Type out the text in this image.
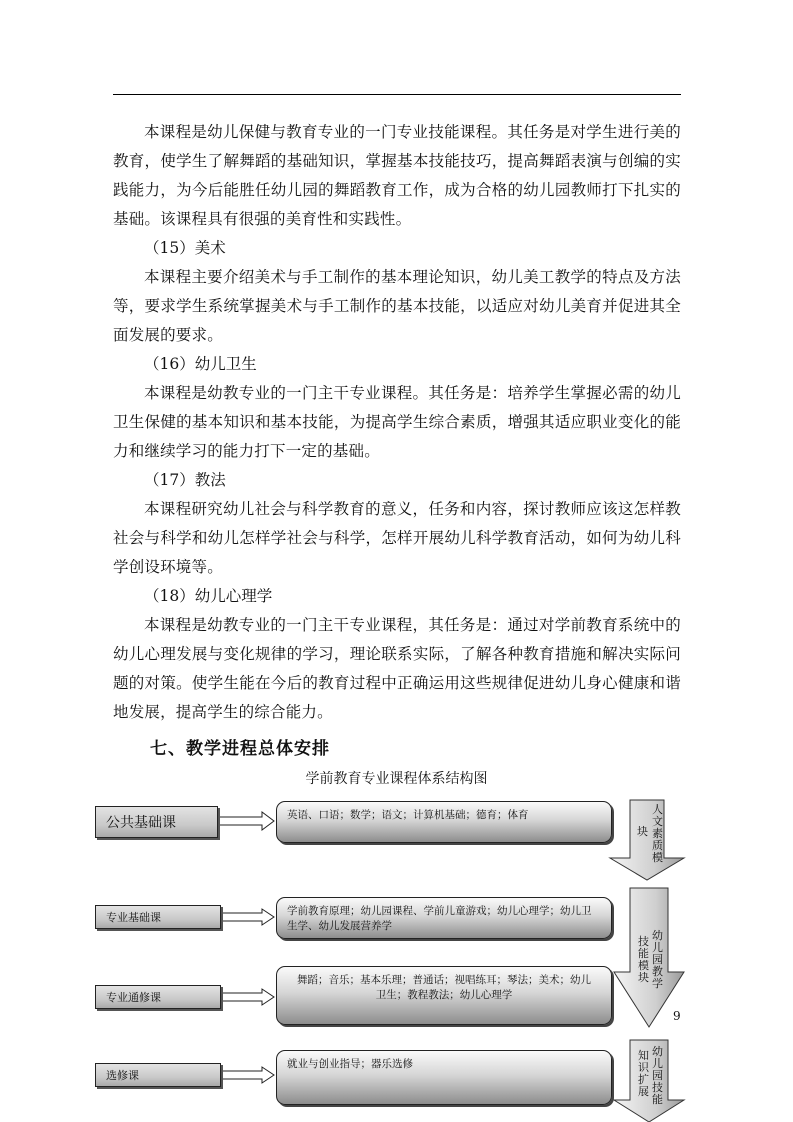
本课程是幼儿保健与教育专业的一门专业技能课程。其任务是对学生进行美的教育，使学生了解舞蹈的基础知识，掌握基本技能技巧，提高舞蹈表演与创编的实践能力，为今后能胜任幼儿园的舞蹈教育工作，成为合格的幼儿园教师打下扎实的基础。该课程具有很强的美育性和实践性。

（15）美术

本课程主要介绍美术与手工制作的基本理论知识，幼儿美工教学的特点及方法等，要求学生系统掌握美术与手工制作的基本技能，以适应对幼儿美育并促进其全面发展的要求。

（16）幼儿卫生

本课程是幼教专业的一门主干专业课程。其任务是：培养学生掌握必需的幼儿卫生保健的基本知识和基本技能，为提高学生综合素质，增强其适应职业变化的能力和继续学习的能力打下一定的基础。

（17）教法

本课程研究幼儿社会与科学教育的意义，任务和内容，探讨教师应该这怎样教社会与科学和幼儿怎样学社会与科学，怎样开展幼儿科学教育活动，如何为幼儿科学创设环境等。

（18）幼儿心理学

本课程是幼教专业的一门主干专业课程，其任务是：通过对学前教育系统中的幼儿心理发展与变化规律的学习，理论联系实际，了解各种教育措施和解决实际问题的对策。使学生能在今后的教育过程中正确运用这些规律促进幼儿身心健康和谐地发展，提高学生的综合能力。

七、教学进程总体安排

学前教育专业课程体系结构图

公共基础课
专业基础课
专业通修课
选修课
英语、口语；数学；语文；计算机基础；德育；体育
学前教育原理；幼儿园课程、学前儿童游戏；幼儿心理学；幼儿卫生学、幼儿发展营养学
舞蹈；音乐；基本乐理；普通话；视唱练耳；琴法；美术；幼儿卫生；教程教法；幼儿心理学
就业与创业指导；器乐选修
人文素质模
块
幼儿园教学
技能模块
幼儿园技能
知识扩展
9
